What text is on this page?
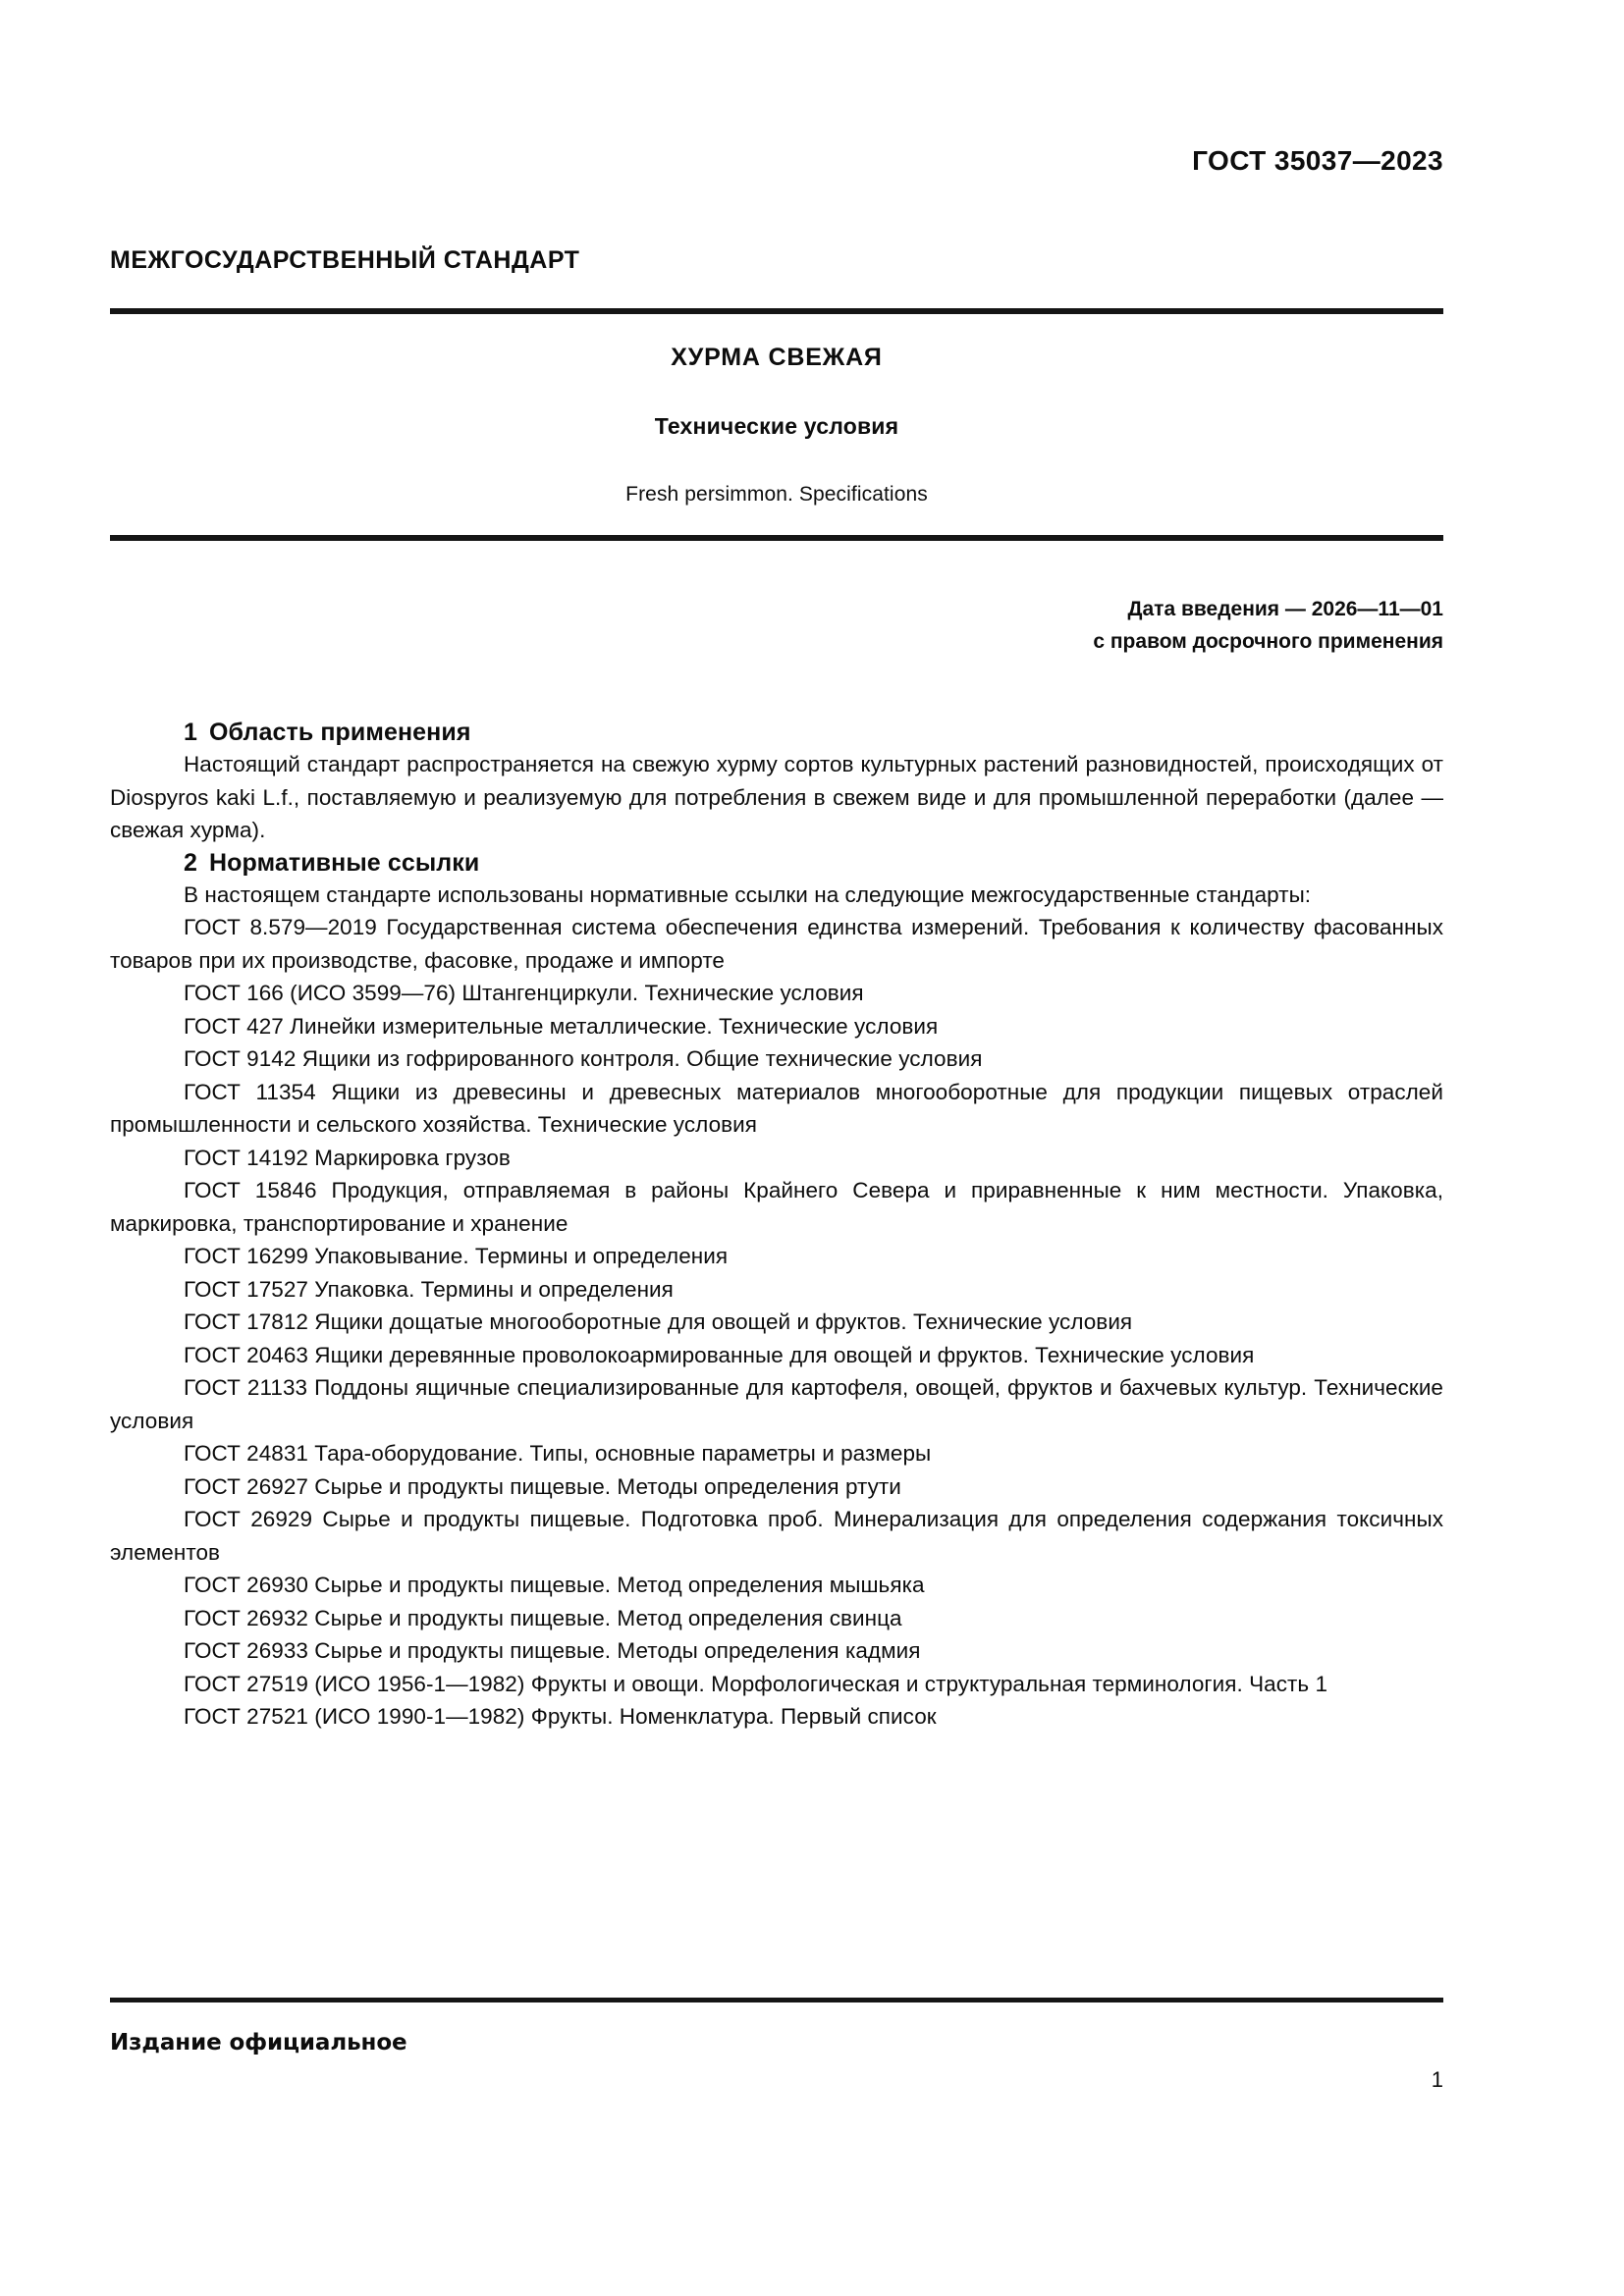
ГОСТ 35037—2023
МЕЖГОСУДАРСТВЕННЫЙ СТАНДАРТ

ХУРМА СВЕЖАЯ

Технические условия

Fresh persimmon. Specifications

Дата введения — 2026—11—01
с правом досрочного применения
1 Область применения

Настоящий стандарт распространяется на свежую хурму сортов культурных растений разновидностей, происходящих от Diospyros kaki L.f., поставляемую и реализуемую для потребления в свежем виде и для промышленной переработки (далее — свежая хурма).

2 Нормативные ссылки

В настоящем стандарте использованы нормативные ссылки на следующие межгосударственные стандарты:

ГОСТ 8.579—2019 Государственная система обеспечения единства измерений. Требования к количеству фасованных товаров при их производстве, фасовке, продаже и импорте
ГОСТ 166 (ИСО 3599—76) Штангенциркули. Технические условия
ГОСТ 427 Линейки измерительные металлические. Технические условия
ГОСТ 9142 Ящики из гофрированного контроля. Общие технические условия
ГОСТ 11354 Ящики из древесины и древесных материалов многооборотные для продукции пищевых отраслей промышленности и сельского хозяйства. Технические условия
ГОСТ 14192 Маркировка грузов
ГОСТ 15846 Продукция, отправляемая в районы Крайнего Севера и приравненные к ним местности. Упаковка, маркировка, транспортирование и хранение
ГОСТ 16299 Упаковывание. Термины и определения
ГОСТ 17527 Упаковка. Термины и определения
ГОСТ 17812 Ящики дощатые многооборотные для овощей и фруктов. Технические условия
ГОСТ 20463 Ящики деревянные проволокоармированные для овощей и фруктов. Технические условия
ГОСТ 21133 Поддоны ящичные специализированные для картофеля, овощей, фруктов и бахчевых культур. Технические условия
ГОСТ 24831 Тара-оборудование. Типы, основные параметры и размеры
ГОСТ 26927 Сырье и продукты пищевые. Методы определения ртути
ГОСТ 26929 Сырье и продукты пищевые. Подготовка проб. Минерализация для определения содержания токсичных элементов
ГОСТ 26930 Сырье и продукты пищевые. Метод определения мышьяка
ГОСТ 26932 Сырье и продукты пищевые. Метод определения свинца
ГОСТ 26933 Сырье и продукты пищевые. Методы определения кадмия
ГОСТ 27519 (ИСО 1956-1—1982) Фрукты и овощи. Морфологическая и структуральная терминология. Часть 1
ГОСТ 27521 (ИСО 1990-1—1982) Фрукты. Номенклатура. Первый список
Издание официальное
1
